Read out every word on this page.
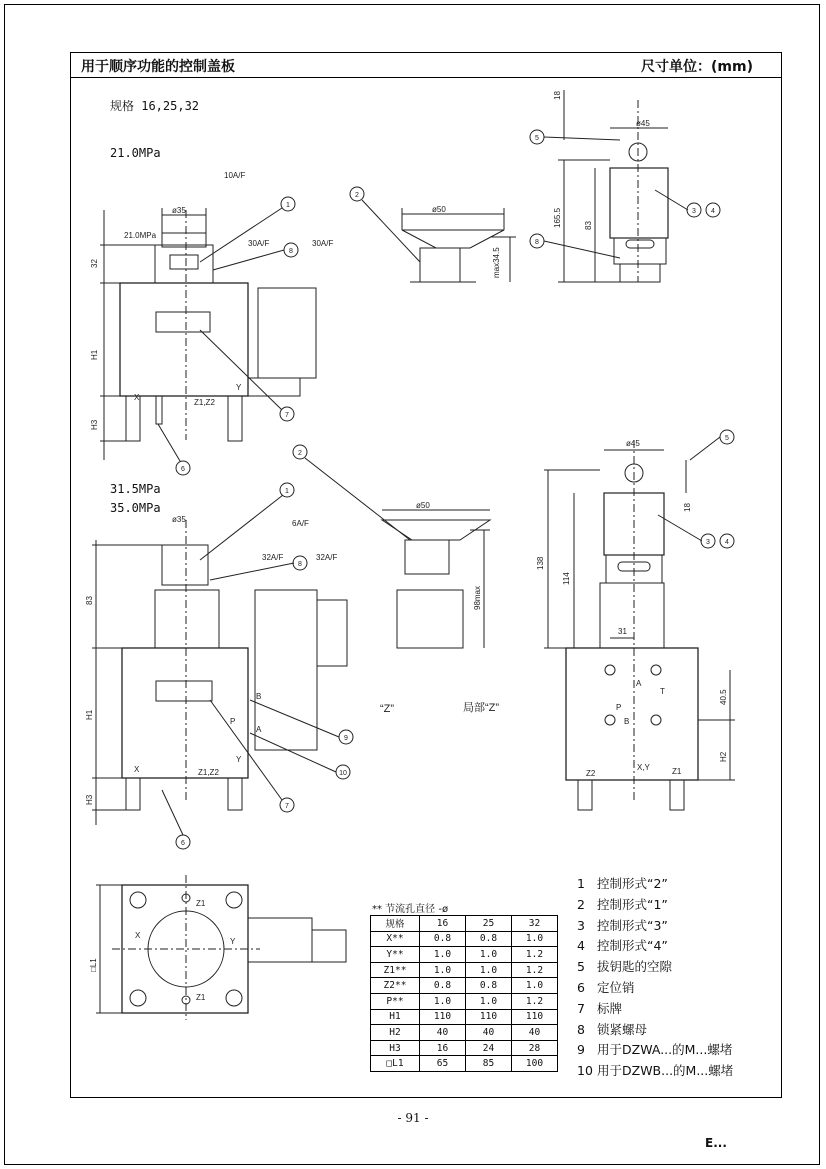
用于顺序功能的控制盖板	尺寸单位：(mm)
规格 16,25,32
21.0MPa
31.5MPa
35.0MPa
10A/F
ø35
21.0MPa
30A/F	30A/F
32
H1
H3
X
Z1,Z2
Y
ø50
max34.5
ø45
18
165.5	83
ø35	6A/F
32A/F	32A/F
83
H1
H3
X	Z1,Z2
Y
B
P
A
ø50
98max
“Z”	局部“Z”
ø45
18
138
114
31
40.5
H2
A
T
P
B
Z2
X,Y	Z1
□L1
Z1
Z1
X
Y
1
2
8
5
3 4
8
7
6
1
2
8
5
3 4
9
10
7
6
** 节流孔直径 -ø
规格	16	25	32
X**	0.8	0.8	1.0
Y**	1.0	1.0	1.2
Z1**	1.0	1.0	1.2
Z2**	0.8	0.8	1.0
P**	1.0	1.0	1.2
H1	110	110	110
H2	40	40	40
H3	16	24	28
□L1	65	85	100
1 控制形式“2”
2 控制形式“1”
3 控制形式“3”
4 控制形式“4”
5 拔钥匙的空隙
6 定位销
7 标牌
8 锁紧螺母
9 用于DZWA...的M...螺堵
10 用于DZWB...的M...螺堵
- 91 -
E...
